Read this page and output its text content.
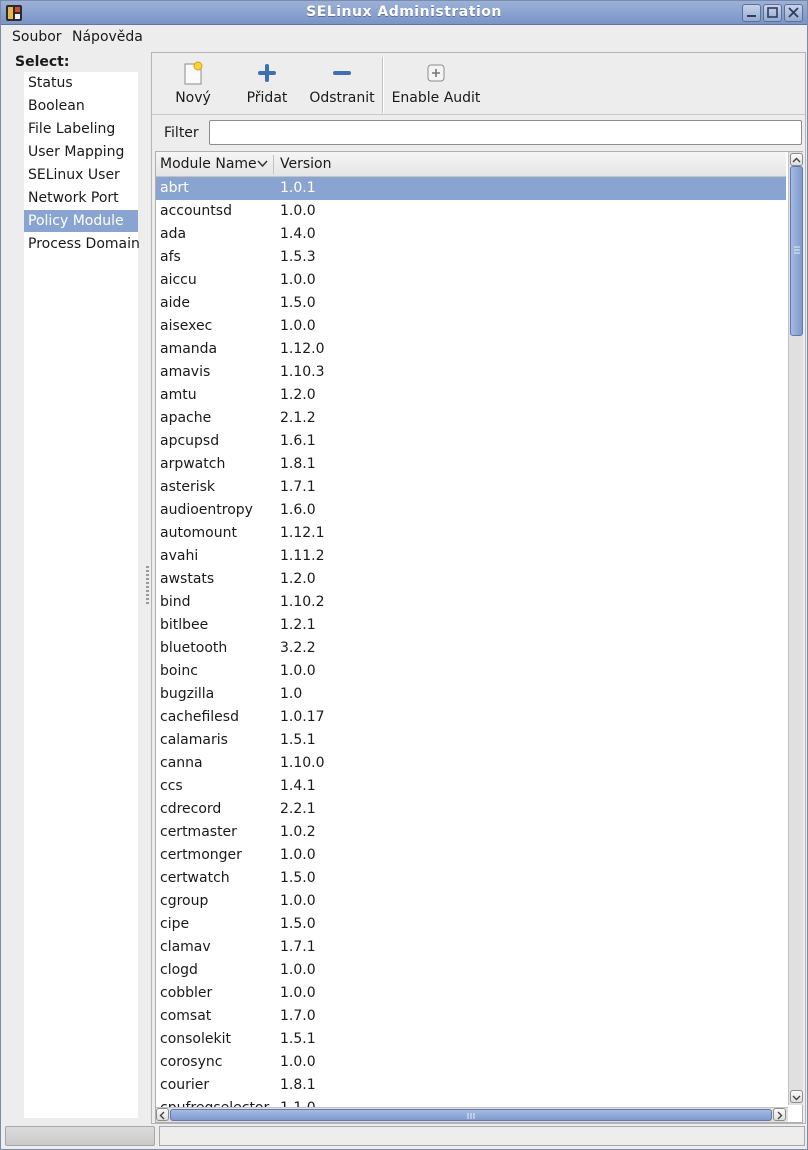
SELinux Administration
Soubor Nápověda
Select:
Status
Boolean
File Labeling
User Mapping
SELinux User
Network Port
Policy Module
Process Domain
Nový	Přidat	Odstranit Enable Audit
Filter
Module Name Version
abrt	1.0.1
accountsd	1.0.0
ada	1.4.0
afs	1.5.3
aiccu	1.0.0
aide	1.5.0
aisexec	1.0.0
amanda	1.12.0
amavis	1.10.3
amtu	1.2.0
apache	2.1.2
apcupsd	1.6.1
arpwatch	1.8.1
asterisk	1.7.1
audioentropy 1.6.0
automount	1.12.1
avahi	1.11.2
awstats	1.2.0
bind	1.10.2
bitlbee	1.2.1
bluetooth	3.2.2
boinc	1.0.0
bugzilla	1.0
cachefilesd	1.0.17
calamaris	1.5.1
canna	1.10.0
ccs	1.4.1
cdrecord	2.2.1
certmaster	1.0.2
certmonger	1.0.0
certwatch	1.5.0
cgroup	1.0.0
cipe	1.5.0
clamav	1.7.1
clogd	1.0.0
cobbler	1.0.0
comsat	1.7.0
consolekit	1.5.1
corosync	1.0.0
courier	1.8.1
